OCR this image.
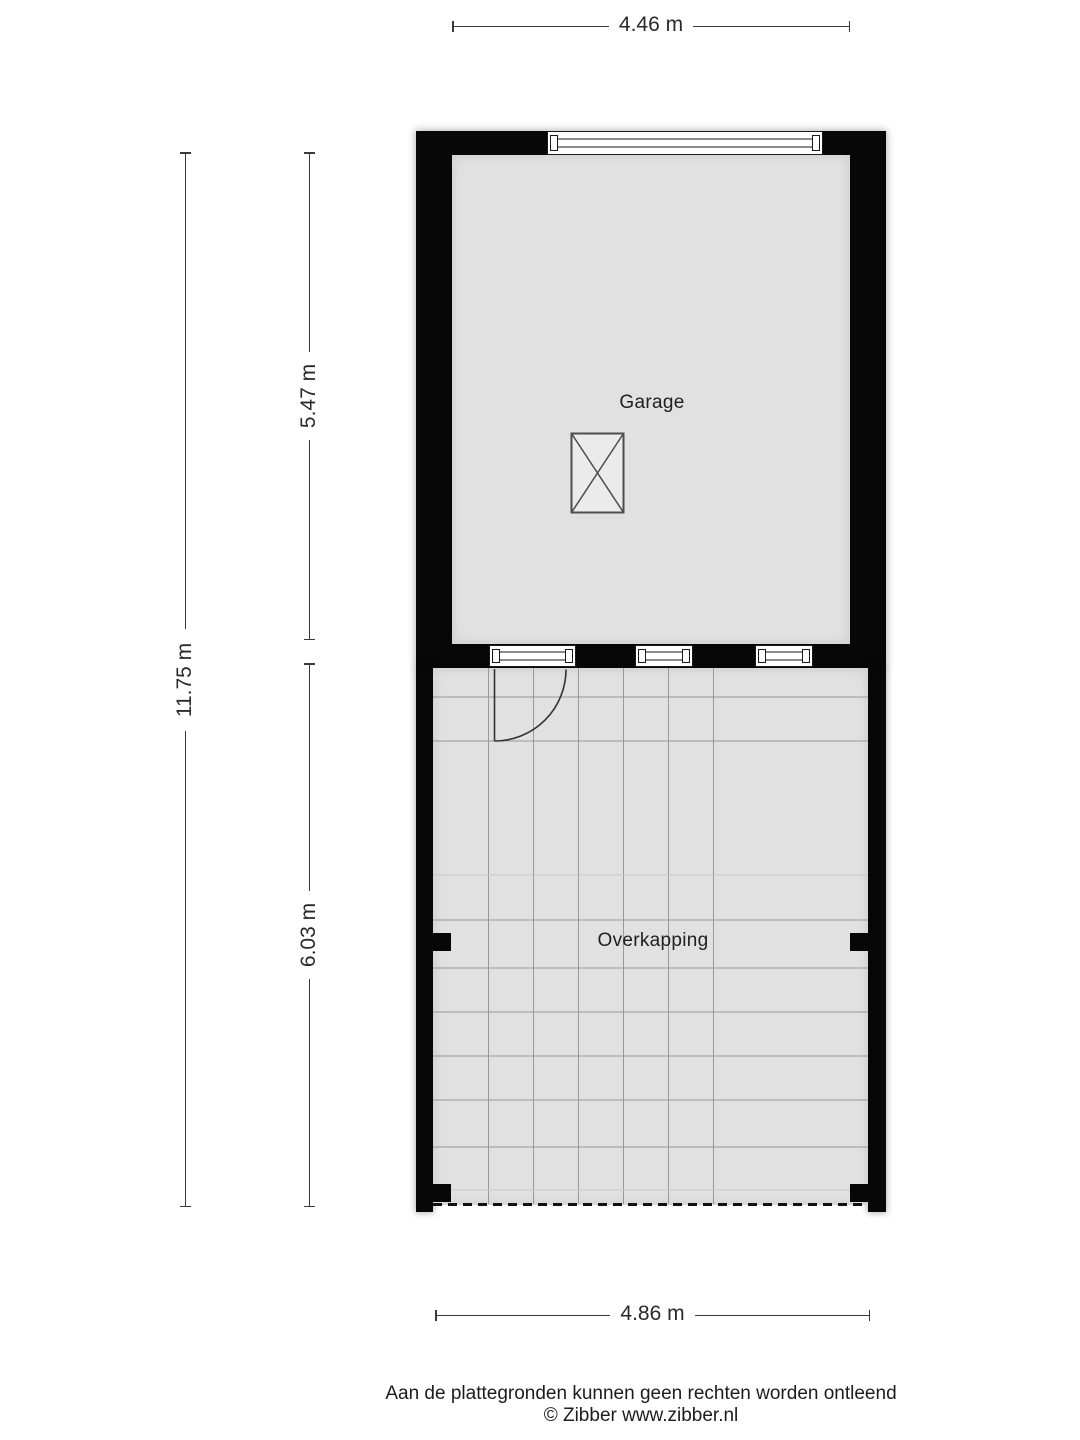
4.46 m
11.75 m
5.47 m
6.03 m
4.86 m
Garage
Overkapping
Aan de plattegronden kunnen geen rechten worden ontleend
© Zibber www.zibber.nl
